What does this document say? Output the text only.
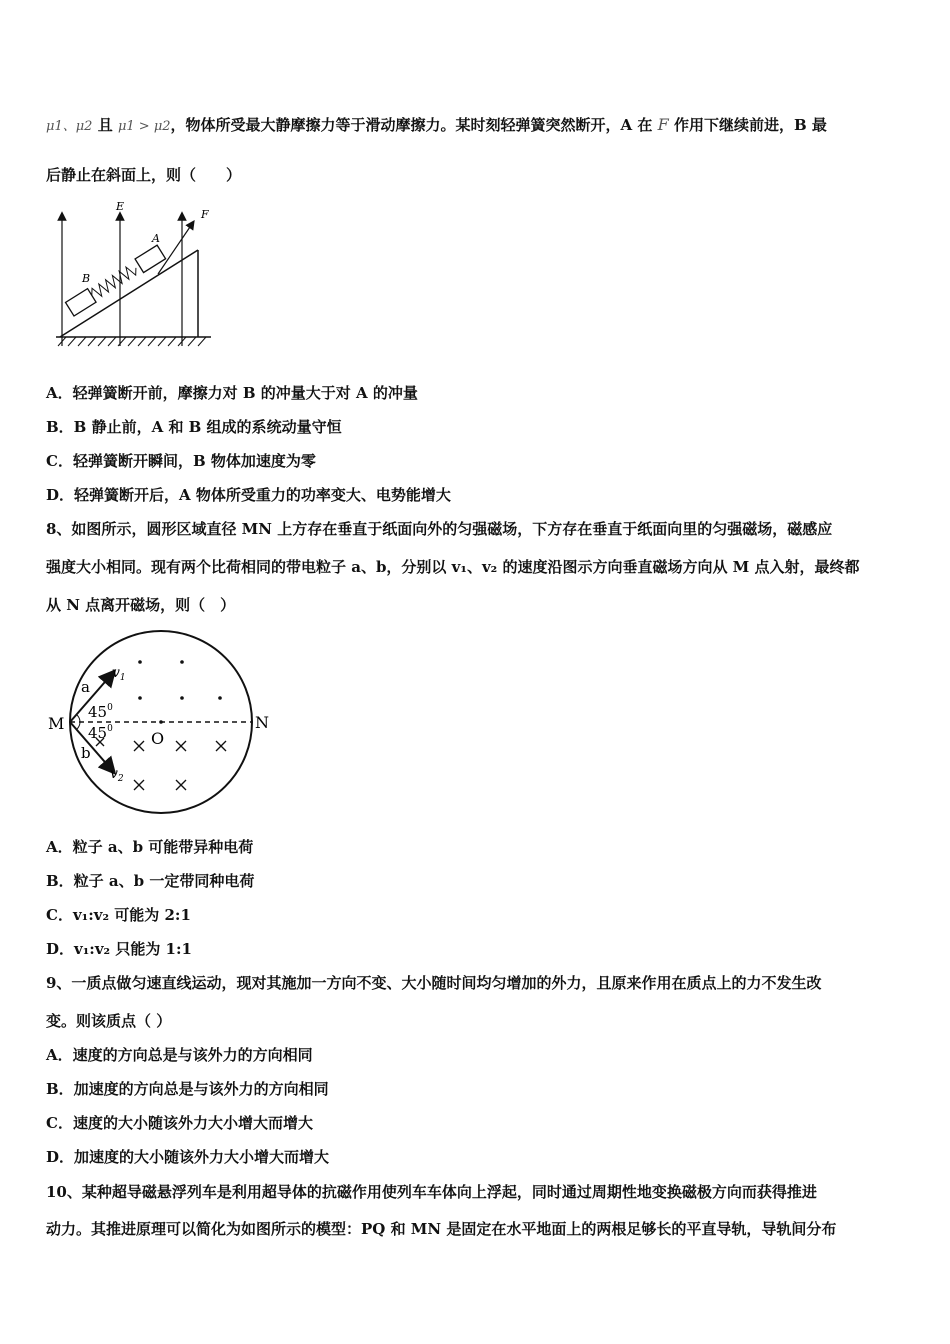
μ1、μ2 且 μ1 > μ2，物体所受最大静摩擦力等于滑动摩擦力。某时刻轻弹簧突然断开，A 在 F 作用下继续前进，B 最
后静止在斜面上，则（　　）
E
F
A
B
A．轻弹簧断开前，摩擦力对 B 的冲量大于对 A 的冲量
B．B 静止前，A 和 B 组成的系统动量守恒
C．轻弹簧断开瞬间，B 物体加速度为零
D．轻弹簧断开后，A 物体所受重力的功率变大、电势能增大
8、如图所示，圆形区域直径 MN 上方存在垂直于纸面向外的匀强磁场，下方存在垂直于纸面向里的匀强磁场，磁感应
强度大小相同。现有两个比荷相同的带电粒子 a、b，分别以 v₁、v₂ 的速度沿图示方向垂直磁场方向从 M 点入射，最终都
从 N 点离开磁场，则（　）
M	N
O
a
b
$v_1$
$v_2$
$45^0$
$45^0$
A．粒子 a、b 可能带异种电荷
B．粒子 a、b 一定带同种电荷
C．v₁:v₂ 可能为 2:1
D．v₁:v₂ 只能为 1:1
9、一质点做匀速直线运动，现对其施加一方向不变、大小随时间均匀增加的外力，且原来作用在质点上的力不发生改
变。则该质点（ ）
A．速度的方向总是与该外力的方向相同
B．加速度的方向总是与该外力的方向相同
C．速度的大小随该外力大小增大而增大
D．加速度的大小随该外力大小增大而增大
10、某种超导磁悬浮列车是利用超导体的抗磁作用使列车车体向上浮起，同时通过周期性地变换磁极方向而获得推进
动力。其推进原理可以简化为如图所示的模型：PQ 和 MN 是固定在水平地面上的两根足够长的平直导轨，导轨间分布
